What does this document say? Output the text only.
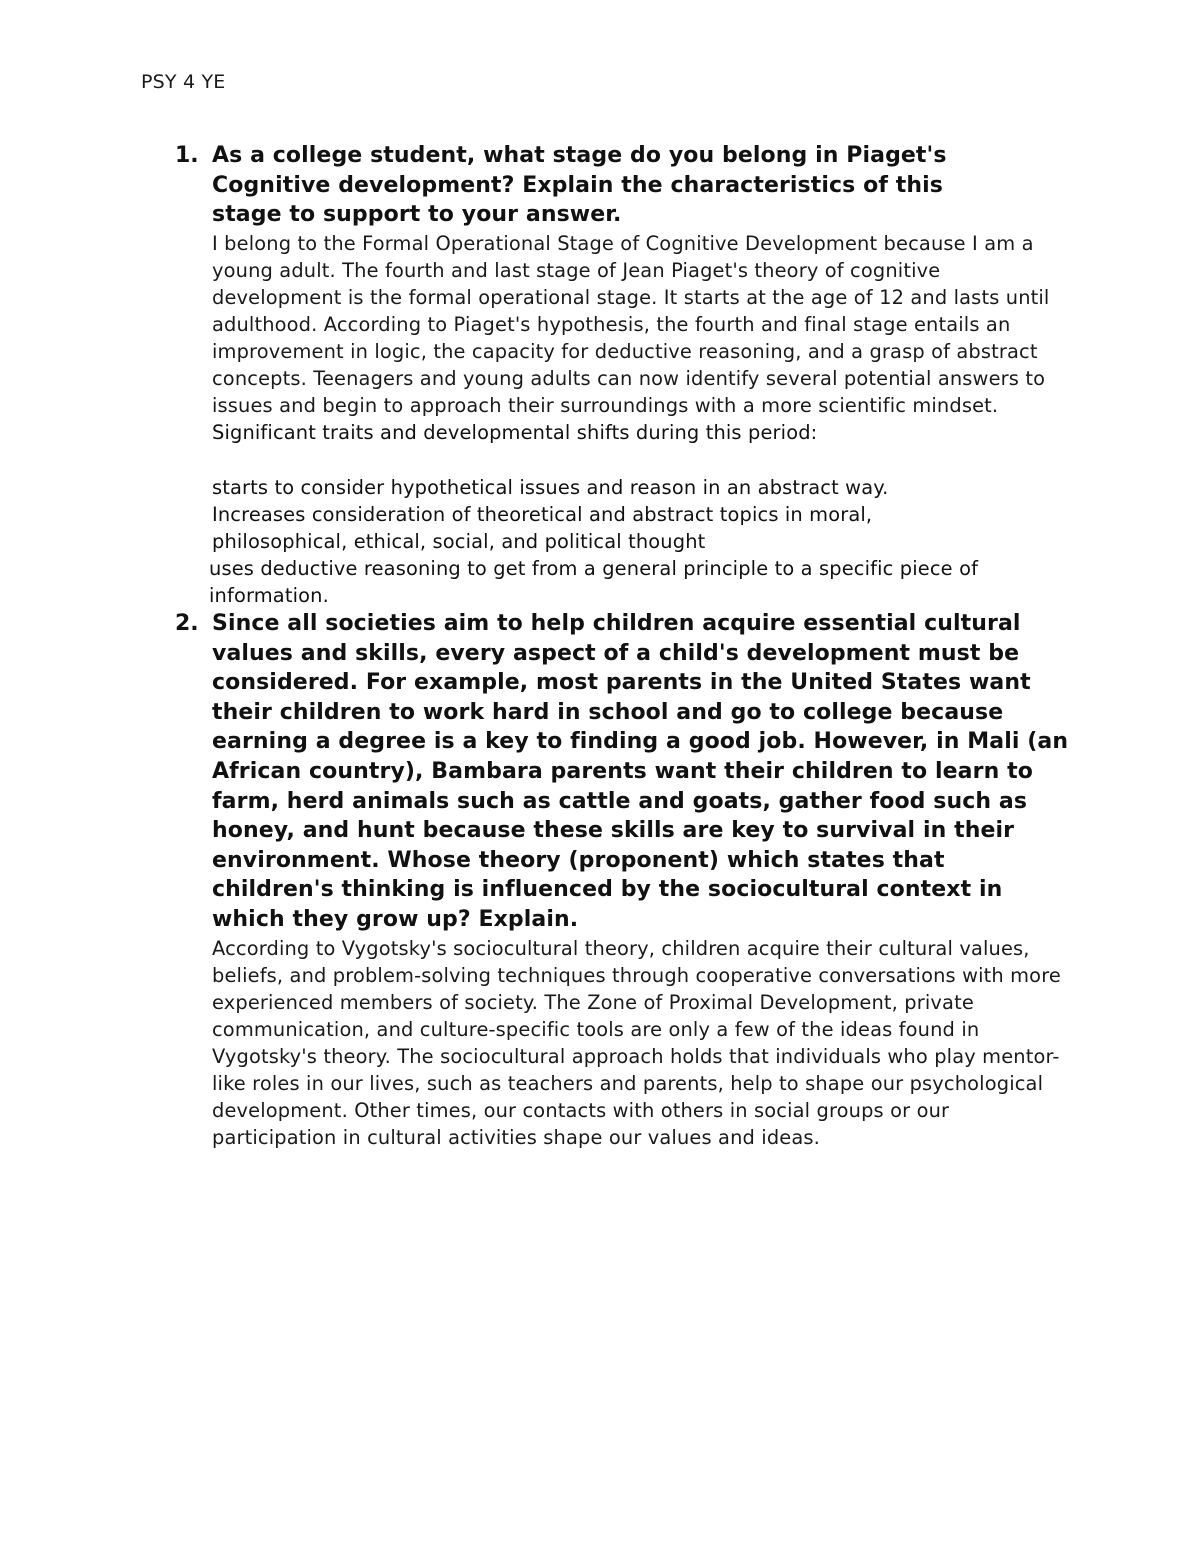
PSY 4 YE
1. As a college student, what stage do you belong in Piaget's Cognitive development? Explain the characteristics of this stage to support to your answer.
I belong to the Formal Operational Stage of Cognitive Development because I am a young adult. The fourth and last stage of Jean Piaget's theory of cognitive development is the formal operational stage. It starts at the age of 12 and lasts until adulthood. According to Piaget's hypothesis, the fourth and final stage entails an improvement in logic, the capacity for deductive reasoning, and a grasp of abstract concepts. Teenagers and young adults can now identify several potential answers to issues and begin to approach their surroundings with a more scientific mindset.
Significant traits and developmental shifts during this period:
starts to consider hypothetical issues and reason in an abstract way.
Increases consideration of theoretical and abstract topics in moral, philosophical, ethical, social, and political thought
uses deductive reasoning to get from a general principle to a specific piece of information.
2. Since all societies aim to help children acquire essential cultural values and skills, every aspect of a child's development must be considered. For example, most parents in the United States want their children to work hard in school and go to college because earning a degree is a key to finding a good job. However, in Mali (an African country), Bambara parents want their children to learn to farm, herd animals such as cattle and goats, gather food such as honey, and hunt because these skills are key to survival in their environment. Whose theory (proponent) which states that children's thinking is influenced by the sociocultural context in which they grow up? Explain.
According to Vygotsky's sociocultural theory, children acquire their cultural values, beliefs, and problem-solving techniques through cooperative conversations with more experienced members of society. The Zone of Proximal Development, private communication, and culture-specific tools are only a few of the ideas found in Vygotsky's theory. The sociocultural approach holds that individuals who play mentor-like roles in our lives, such as teachers and parents, help to shape our psychological development. Other times, our contacts with others in social groups or our participation in cultural activities shape our values and ideas.
